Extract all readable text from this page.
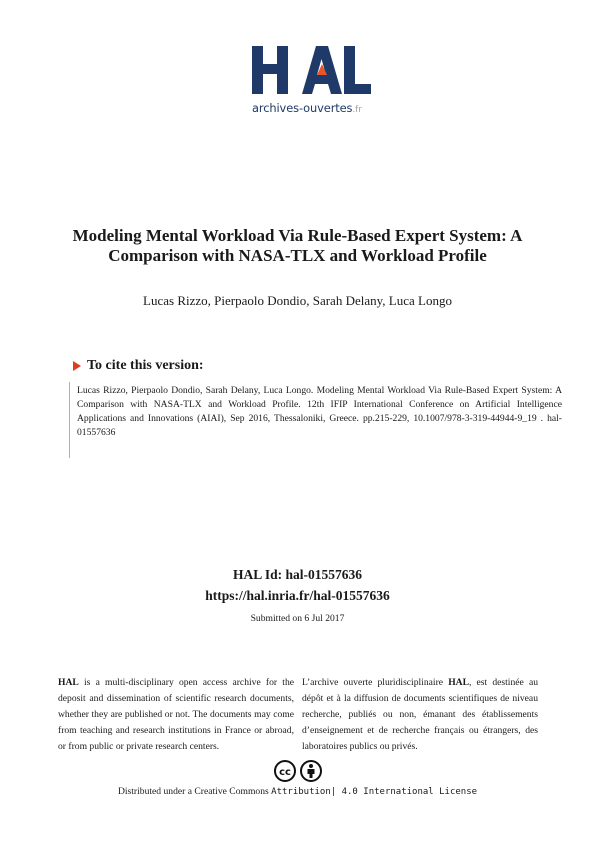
archives-ouvertes.fr
Modeling Mental Workload Via Rule-Based Expert System: A Comparison with NASA-TLX and Workload Profile
Lucas Rizzo, Pierpaolo Dondio, Sarah Delany, Luca Longo
To cite this version:
Lucas Rizzo, Pierpaolo Dondio, Sarah Delany, Luca Longo. Modeling Mental Workload Via Rule-Based Expert System: A Comparison with NASA-TLX and Workload Profile. 12th IFIP International Conference on Artificial Intelligence Applications and Innovations (AIAI), Sep 2016, Thessaloniki, Greece. pp.215-229, 10.1007/978-3-319-44944-9_19 . hal-01557636
HAL Id: hal-01557636
https://hal.inria.fr/hal-01557636
Submitted on 6 Jul 2017
HAL is a multi-disciplinary open access archive for the deposit and dissemination of scientific research documents, whether they are published or not. The documents may come from teaching and research institutions in France or abroad, or from public or private research centers.
L’archive ouverte pluridisciplinaire HAL, est destinée au dépôt et à la diffusion de documents scientifiques de niveau recherche, publiés ou non, émanant des établissements d’enseignement et de recherche français ou étrangers, des laboratoires publics ou privés.
cc
Distributed under a Creative Commons Attribution| 4.0 International License
